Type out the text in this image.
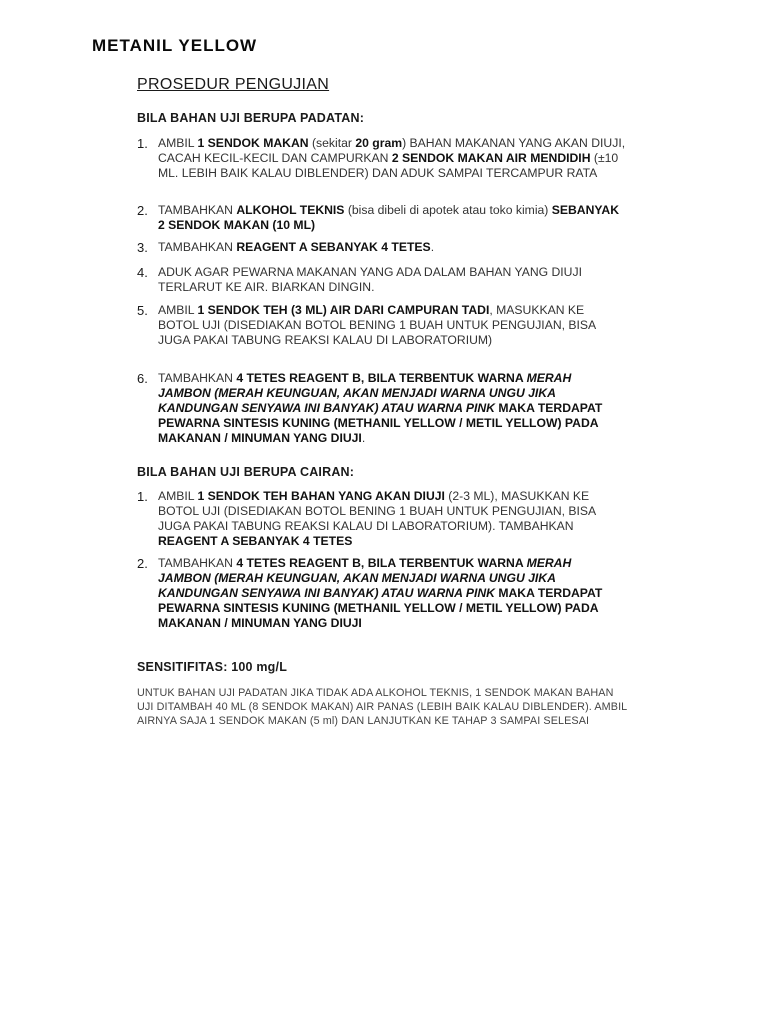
METANIL YELLOW
PROSEDUR PENGUJIAN
BILA BAHAN UJI BERUPA PADATAN:
1. AMBIL 1 SENDOK MAKAN (sekitar 20 gram) BAHAN MAKANAN YANG AKAN DIUJI, CACAH KECIL-KECIL DAN CAMPURKAN 2 SENDOK MAKAN AIR MENDIDIH (±10 ML. LEBIH BAIK KALAU DIBLENDER) DAN ADUK SAMPAI TERCAMPUR RATA
2. TAMBAHKAN ALKOHOL TEKNIS (bisa dibeli di apotek atau toko kimia) SEBANYAK 2 SENDOK MAKAN (10 ML)
3. TAMBAHKAN REAGENT A SEBANYAK 4 TETES.
4. ADUK AGAR PEWARNA MAKANAN YANG ADA DALAM BAHAN YANG DIUJI TERLARUT KE AIR. BIARKAN DINGIN.
5. AMBIL 1 SENDOK TEH (3 ML) AIR DARI CAMPURAN TADI, MASUKKAN KE BOTOL UJI (DISEDIAKAN BOTOL BENING 1 BUAH UNTUK PENGUJIAN, BISA JUGA PAKAI TABUNG REAKSI KALAU DI LABORATORIUM)
6. TAMBAHKAN 4 TETES REAGENT B, BILA TERBENTUK WARNA MERAH JAMBON (MERAH KEUNGUAN, AKAN MENJADI WARNA UNGU JIKA KANDUNGAN SENYAWA INI BANYAK) ATAU WARNA PINK MAKA TERDAPAT PEWARNA SINTESIS KUNING (METHANIL YELLOW / METIL YELLOW) PADA MAKANAN / MINUMAN YANG DIUJI.
BILA BAHAN UJI BERUPA CAIRAN:
1. AMBIL 1 SENDOK TEH BAHAN YANG AKAN DIUJI (2-3 ML), MASUKKAN KE BOTOL UJI (DISEDIAKAN BOTOL BENING 1 BUAH UNTUK PENGUJIAN, BISA JUGA PAKAI TABUNG REAKSI KALAU DI LABORATORIUM). TAMBAHKAN REAGENT A SEBANYAK 4 TETES
2. TAMBAHKAN 4 TETES REAGENT B, BILA TERBENTUK WARNA MERAH JAMBON (MERAH KEUNGUAN, AKAN MENJADI WARNA UNGU JIKA KANDUNGAN SENYAWA INI BANYAK) ATAU WARNA PINK MAKA TERDAPAT PEWARNA SINTESIS KUNING (METHANIL YELLOW / METIL YELLOW) PADA MAKANAN / MINUMAN YANG DIUJI
SENSITIFITAS: 100 mg/L
UNTUK BAHAN UJI PADATAN JIKA TIDAK ADA ALKOHOL TEKNIS, 1 SENDOK MAKAN BAHAN UJI DITAMBAH 40 ML (8 SENDOK MAKAN) AIR PANAS (LEBIH BAIK KALAU DIBLENDER). AMBIL AIRNYA SAJA 1 SENDOK MAKAN (5 ml) DAN LANJUTKAN KE TAHAP 3 SAMPAI SELESAI
